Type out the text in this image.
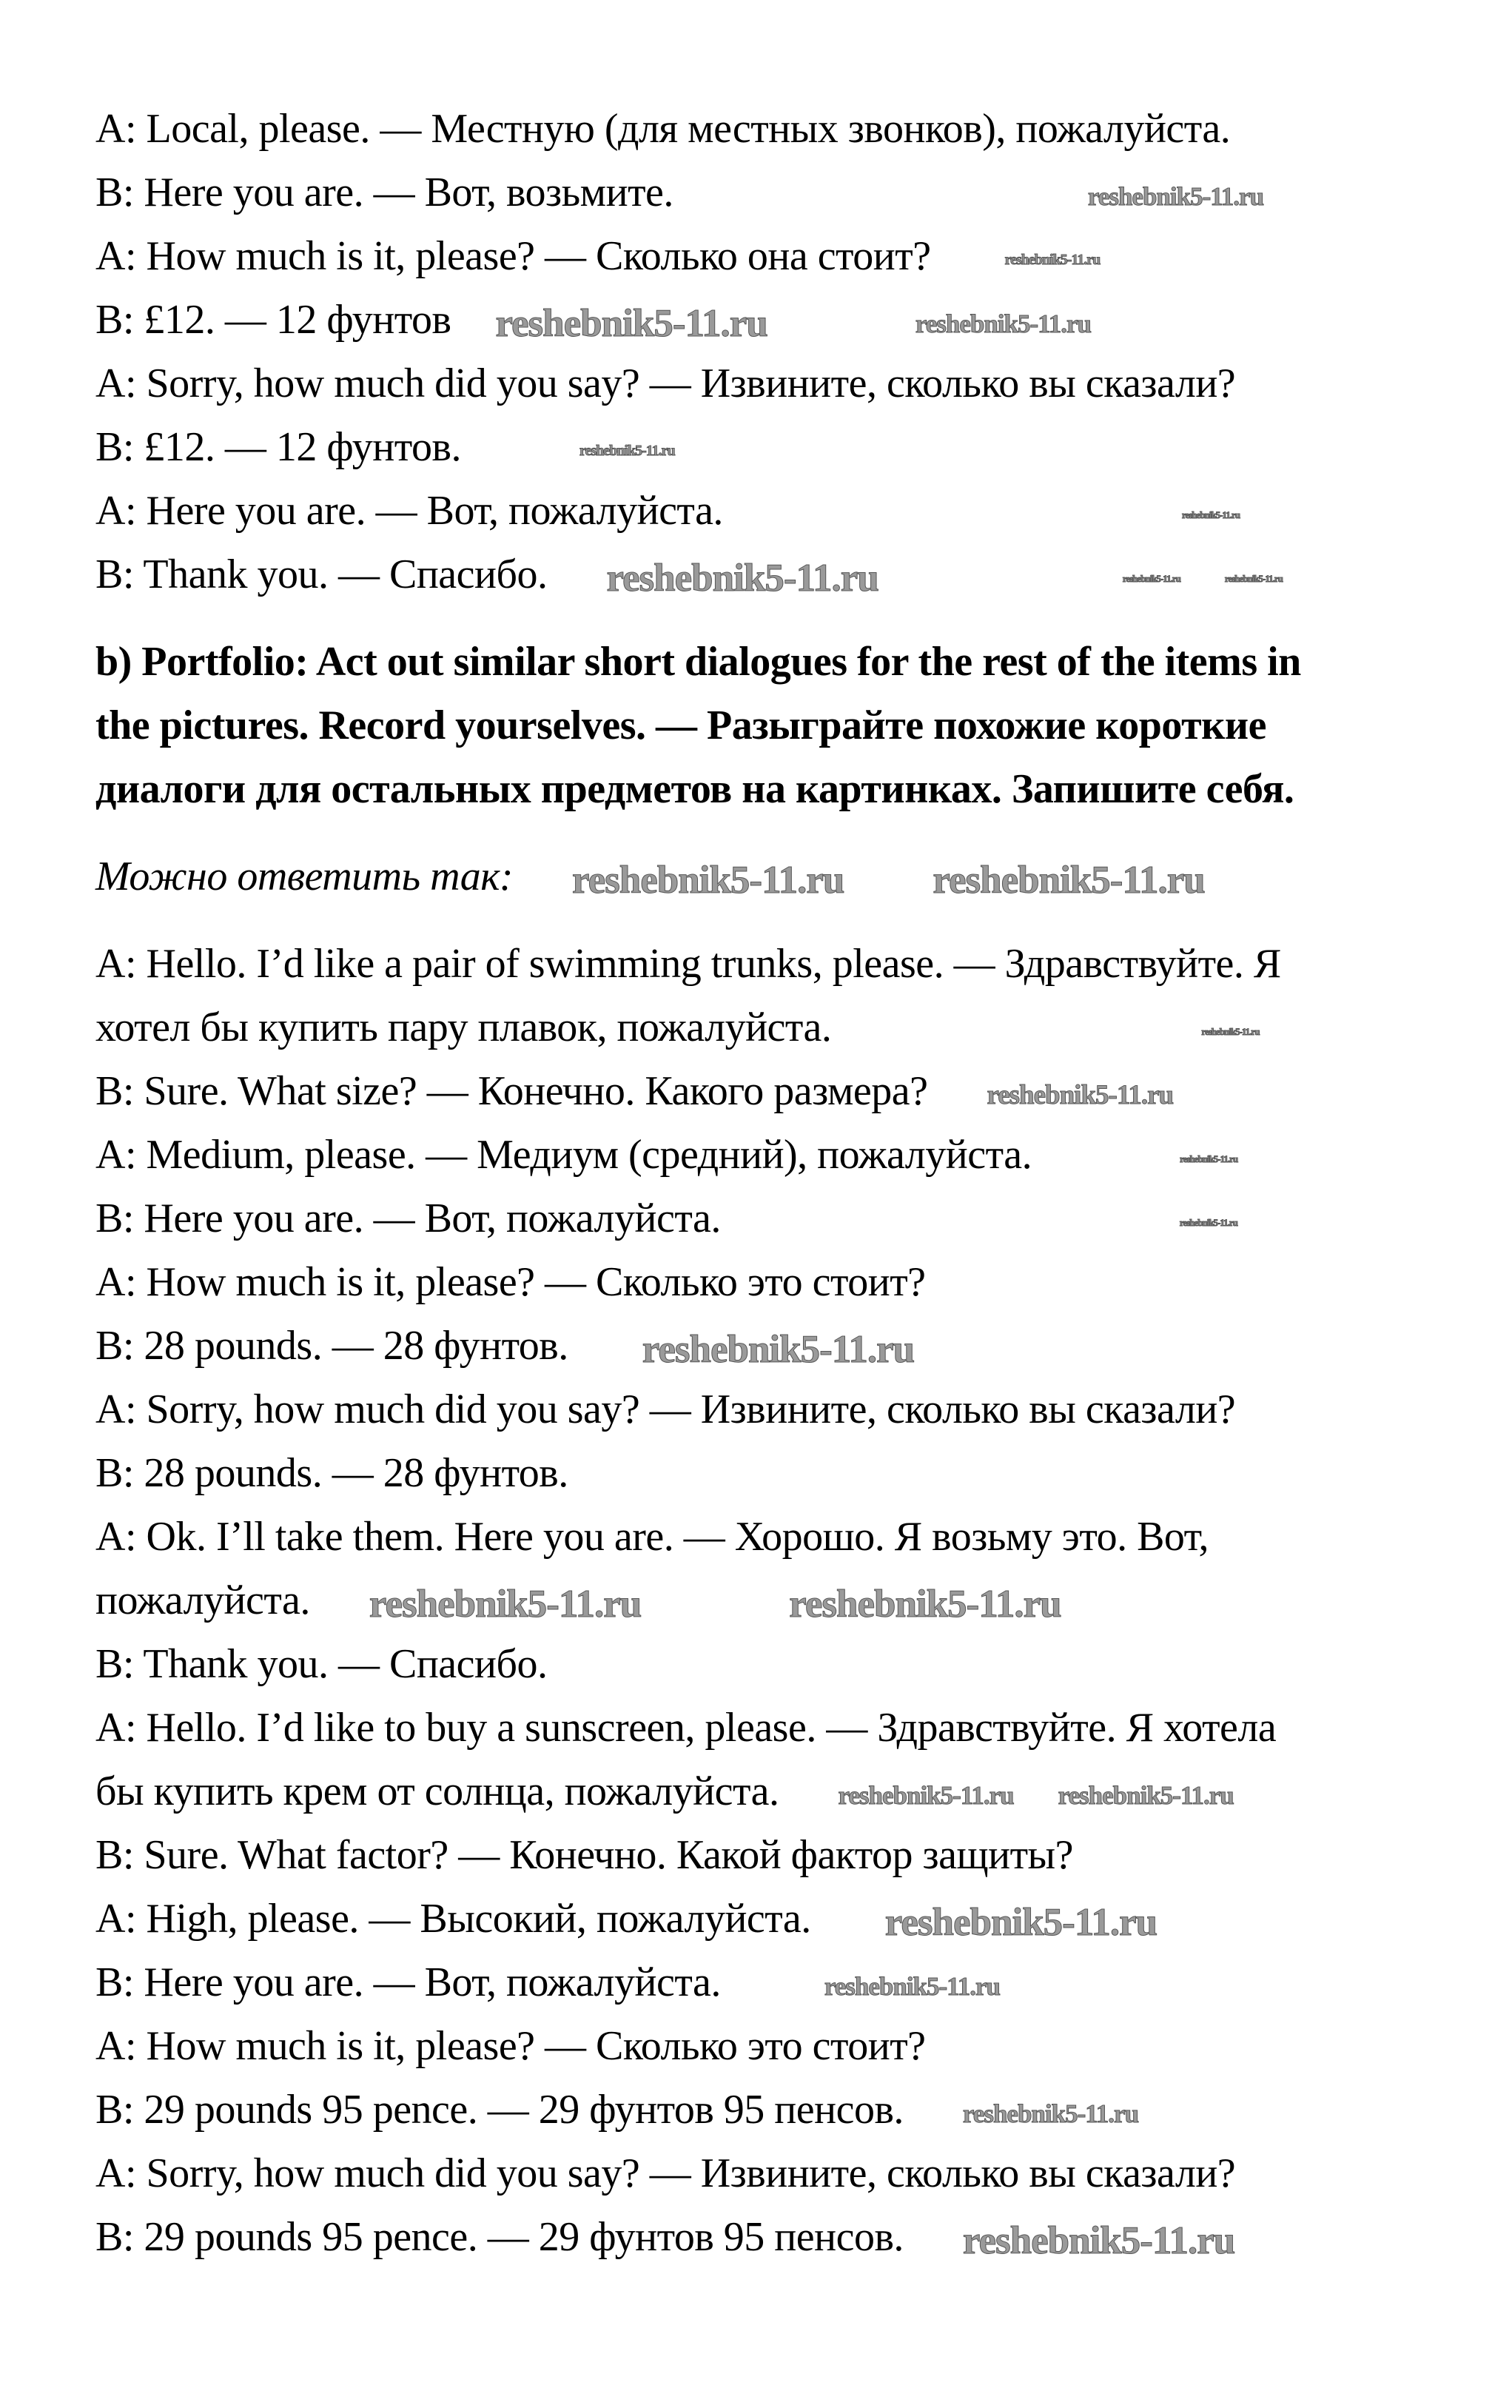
A: Local, please. — Местную (для местных звонков), пожалуйста.
B: Here you are. — Вот, возьмите.	reshebnik5-11.ru
A: How much is it, please? — Сколько она стоит?	reshebnik5-11.ru
B: £12. — 12 фунтов reshebnik5-11.ru	reshebnik5-11.ru
A: Sorry, how much did you say? — Извините, сколько вы сказали?
B: £12. — 12 фунтов.	reshebnik5-11.ru
A: Here you are. — Вот, пожалуйста.	reshebnik5-11.ru
B: Thank you. — Спасибо. reshebnik5-11.ru	reshebnik5-11.ru	reshebnik5-11.ru
b) Portfolio: Act out similar short dialogues for the rest of the items in
the pictures. Record yourselves. — Разыграйте похожие короткие
диалоги для остальных предметов на картинках. Запишите себя.
Можно ответить так: reshebnik5-11.ru reshebnik5-11.ru
A: Hello. I’d like a pair of swimming trunks, please. — Здравствуйте. Я
хотел бы купить пару плавок, пожалуйста.	reshebnik5-11.ru
B: Sure. What size? — Конечно. Какого размера? reshebnik5-11.ru
A: Medium, please. — Медиум (средний), пожалуйста.	reshebnik5-11.ru
B: Here you are. — Вот, пожалуйста.	reshebnik5-11.ru
A: How much is it, please? — Сколько это стоит?
B: 28 pounds. — 28 фунтов. reshebnik5-11.ru
A: Sorry, how much did you say? — Извините, сколько вы сказали?
B: 28 pounds. — 28 фунтов.
A: Ok. I’ll take them. Here you are. — Хорошо. Я возьму это. Вот,
пожалуйста. reshebnik5-11.ru	reshebnik5-11.ru
B: Thank you. — Спасибо.
A: Hello. I’d like to buy a sunscreen, please. — Здравствуйте. Я хотела
бы купить крем от солнца, пожалуйста. reshebnik5-11.ru reshebnik5-11.ru
B: Sure. What factor? — Конечно. Какой фактор защиты?
A: High, please. — Высокий, пожалуйста. reshebnik5-11.ru
B: Here you are. — Вот, пожалуйста.	reshebnik5-11.ru
A: How much is it, please? — Сколько это стоит?
B: 29 pounds 95 pence. — 29 фунтов 95 пенсов. reshebnik5-11.ru
A: Sorry, how much did you say? — Извините, сколько вы сказали?
B: 29 pounds 95 pence. — 29 фунтов 95 пенсов. reshebnik5-11.ru
